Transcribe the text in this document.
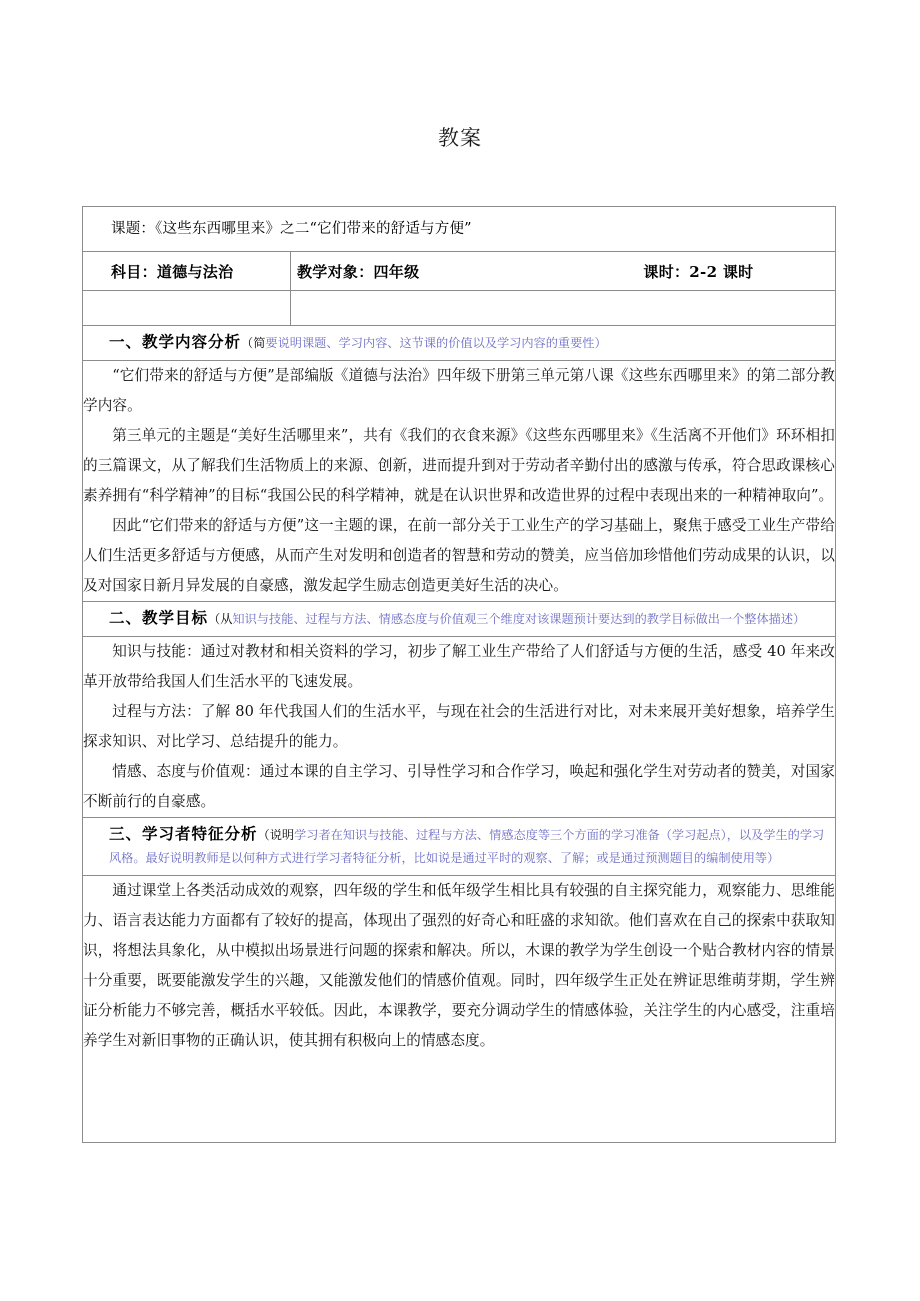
教案
课题：《这些东西哪里来》之二“它们带来的舒适与方便”	

科目：道德与法治	教学对象：四年级 课时：2-2 课时

一、教学内容分析（简要说明课题、学习内容、这节课的价值以及学习内容的重要性）	

“它们带来的舒适与方便”是部编版《道德与法治》四年级下册第三单元第八课《这些东西哪里来》的第二部分教学内容。

第三单元的主题是“美好生活哪里来”，共有《我们的衣食来源》《这些东西哪里来》《生活离不开他们》环环相扣的三篇课文，从了解我们生活物质上的来源、创新，进而提升到对于劳动者辛勤付出的感激与传承，符合思政课核心素养拥有“科学精神”的目标“我国公民的科学精神，就是在认识世界和改造世界的过程中表现出来的一种精神取向”。

因此“它们带来的舒适与方便”这一主题的课，在前一部分关于工业生产的学习基础上，聚焦于感受工业生产带给人们生活更多舒适与方便感，从而产生对发明和创造者的智慧和劳动的赞美，应当倍加珍惜他们劳动成果的认识，以及对国家日新月异发展的自豪感，激发起学生励志创造更美好生活的决心。	

二、教学目标（从知识与技能、过程与方法、情感态度与价值观三个维度对该课题预计要达到的教学目标做出一个整体描述）	

知识与技能：通过对教材和相关资料的学习，初步了解工业生产带给了人们舒适与方便的生活，感受 40 年来改革开放带给我国人们生活水平的飞速发展。

过程与方法：了解 80 年代我国人们的生活水平，与现在社会的生活进行对比，对未来展开美好想象，培养学生探求知识、对比学习、总结提升的能力。

情感、态度与价值观：通过本课的自主学习、引导性学习和合作学习，唤起和强化学生对劳动者的赞美，对国家不断前行的自豪感。	

三、学习者特征分析（说明学习者在知识与技能、过程与方法、情感态度等三个方面的学习准备（学习起点），以及学生的学习风格。最好说明教师是以何种方式进行学习者特征分析，比如说是通过平时的观察、了解；或是通过预测题目的编制使用等）	

通过课堂上各类活动成效的观察，四年级的学生和低年级学生相比具有较强的自主探究能力，观察能力、思维能力、语言表达能力方面都有了较好的提高，体现出了强烈的好奇心和旺盛的求知欲。他们喜欢在自己的探索中获取知识，将想法具象化，从中模拟出场景进行问题的探索和解决。所以，木课的教学为学生创设一个贴合教材内容的情景十分重要，既要能激发学生的兴趣，又能激发他们的情感价值观。同时，四年级学生正处在辨证思维萌芽期，学生辨证分析能力不够完善，概括水平较低。因此，本课教学，要充分调动学生的情感体验，关注学生的内心感受，注重培养学生对新旧事物的正确认识，使其拥有积极向上的情感态度。	
